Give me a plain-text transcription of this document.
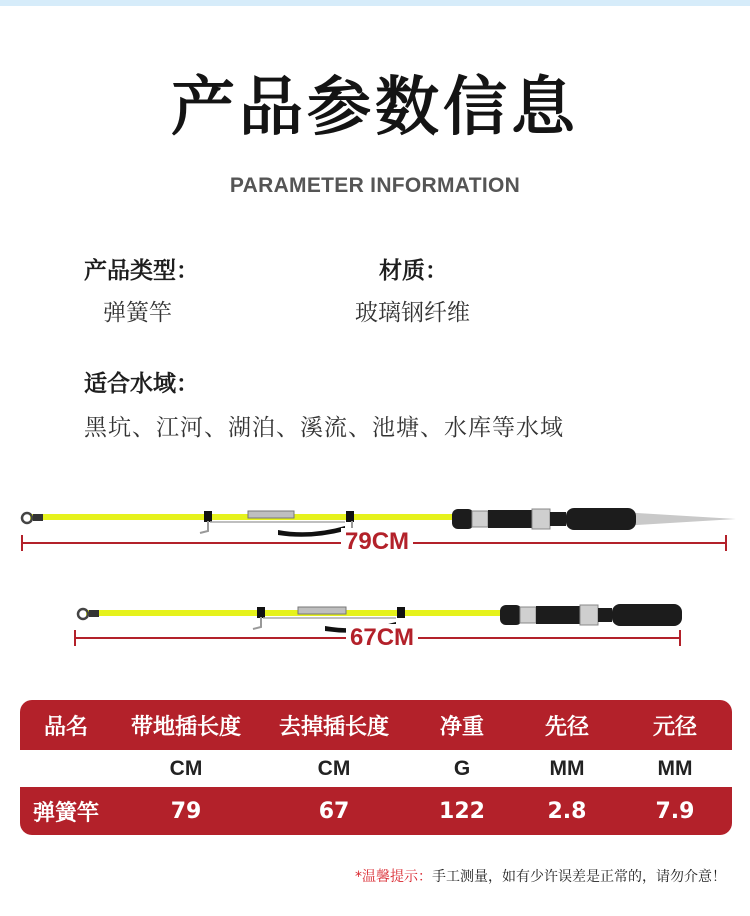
产品参数信息
PARAMETER INFORMATION
产品类型：
弹簧竿
材质：
玻璃钢纤维
适合水域：
黑坑、江河、湖泊、溪流、池塘、水库等水域
79CM
67CM
品名	带地插长度	去掉插长度	净重	先径	元径
	CM	CM	G	MM	MM
弹簧竿	79	67	122	2.8	7.9
*温馨提示：手工测量，如有少许误差是正常的，请勿介意！
